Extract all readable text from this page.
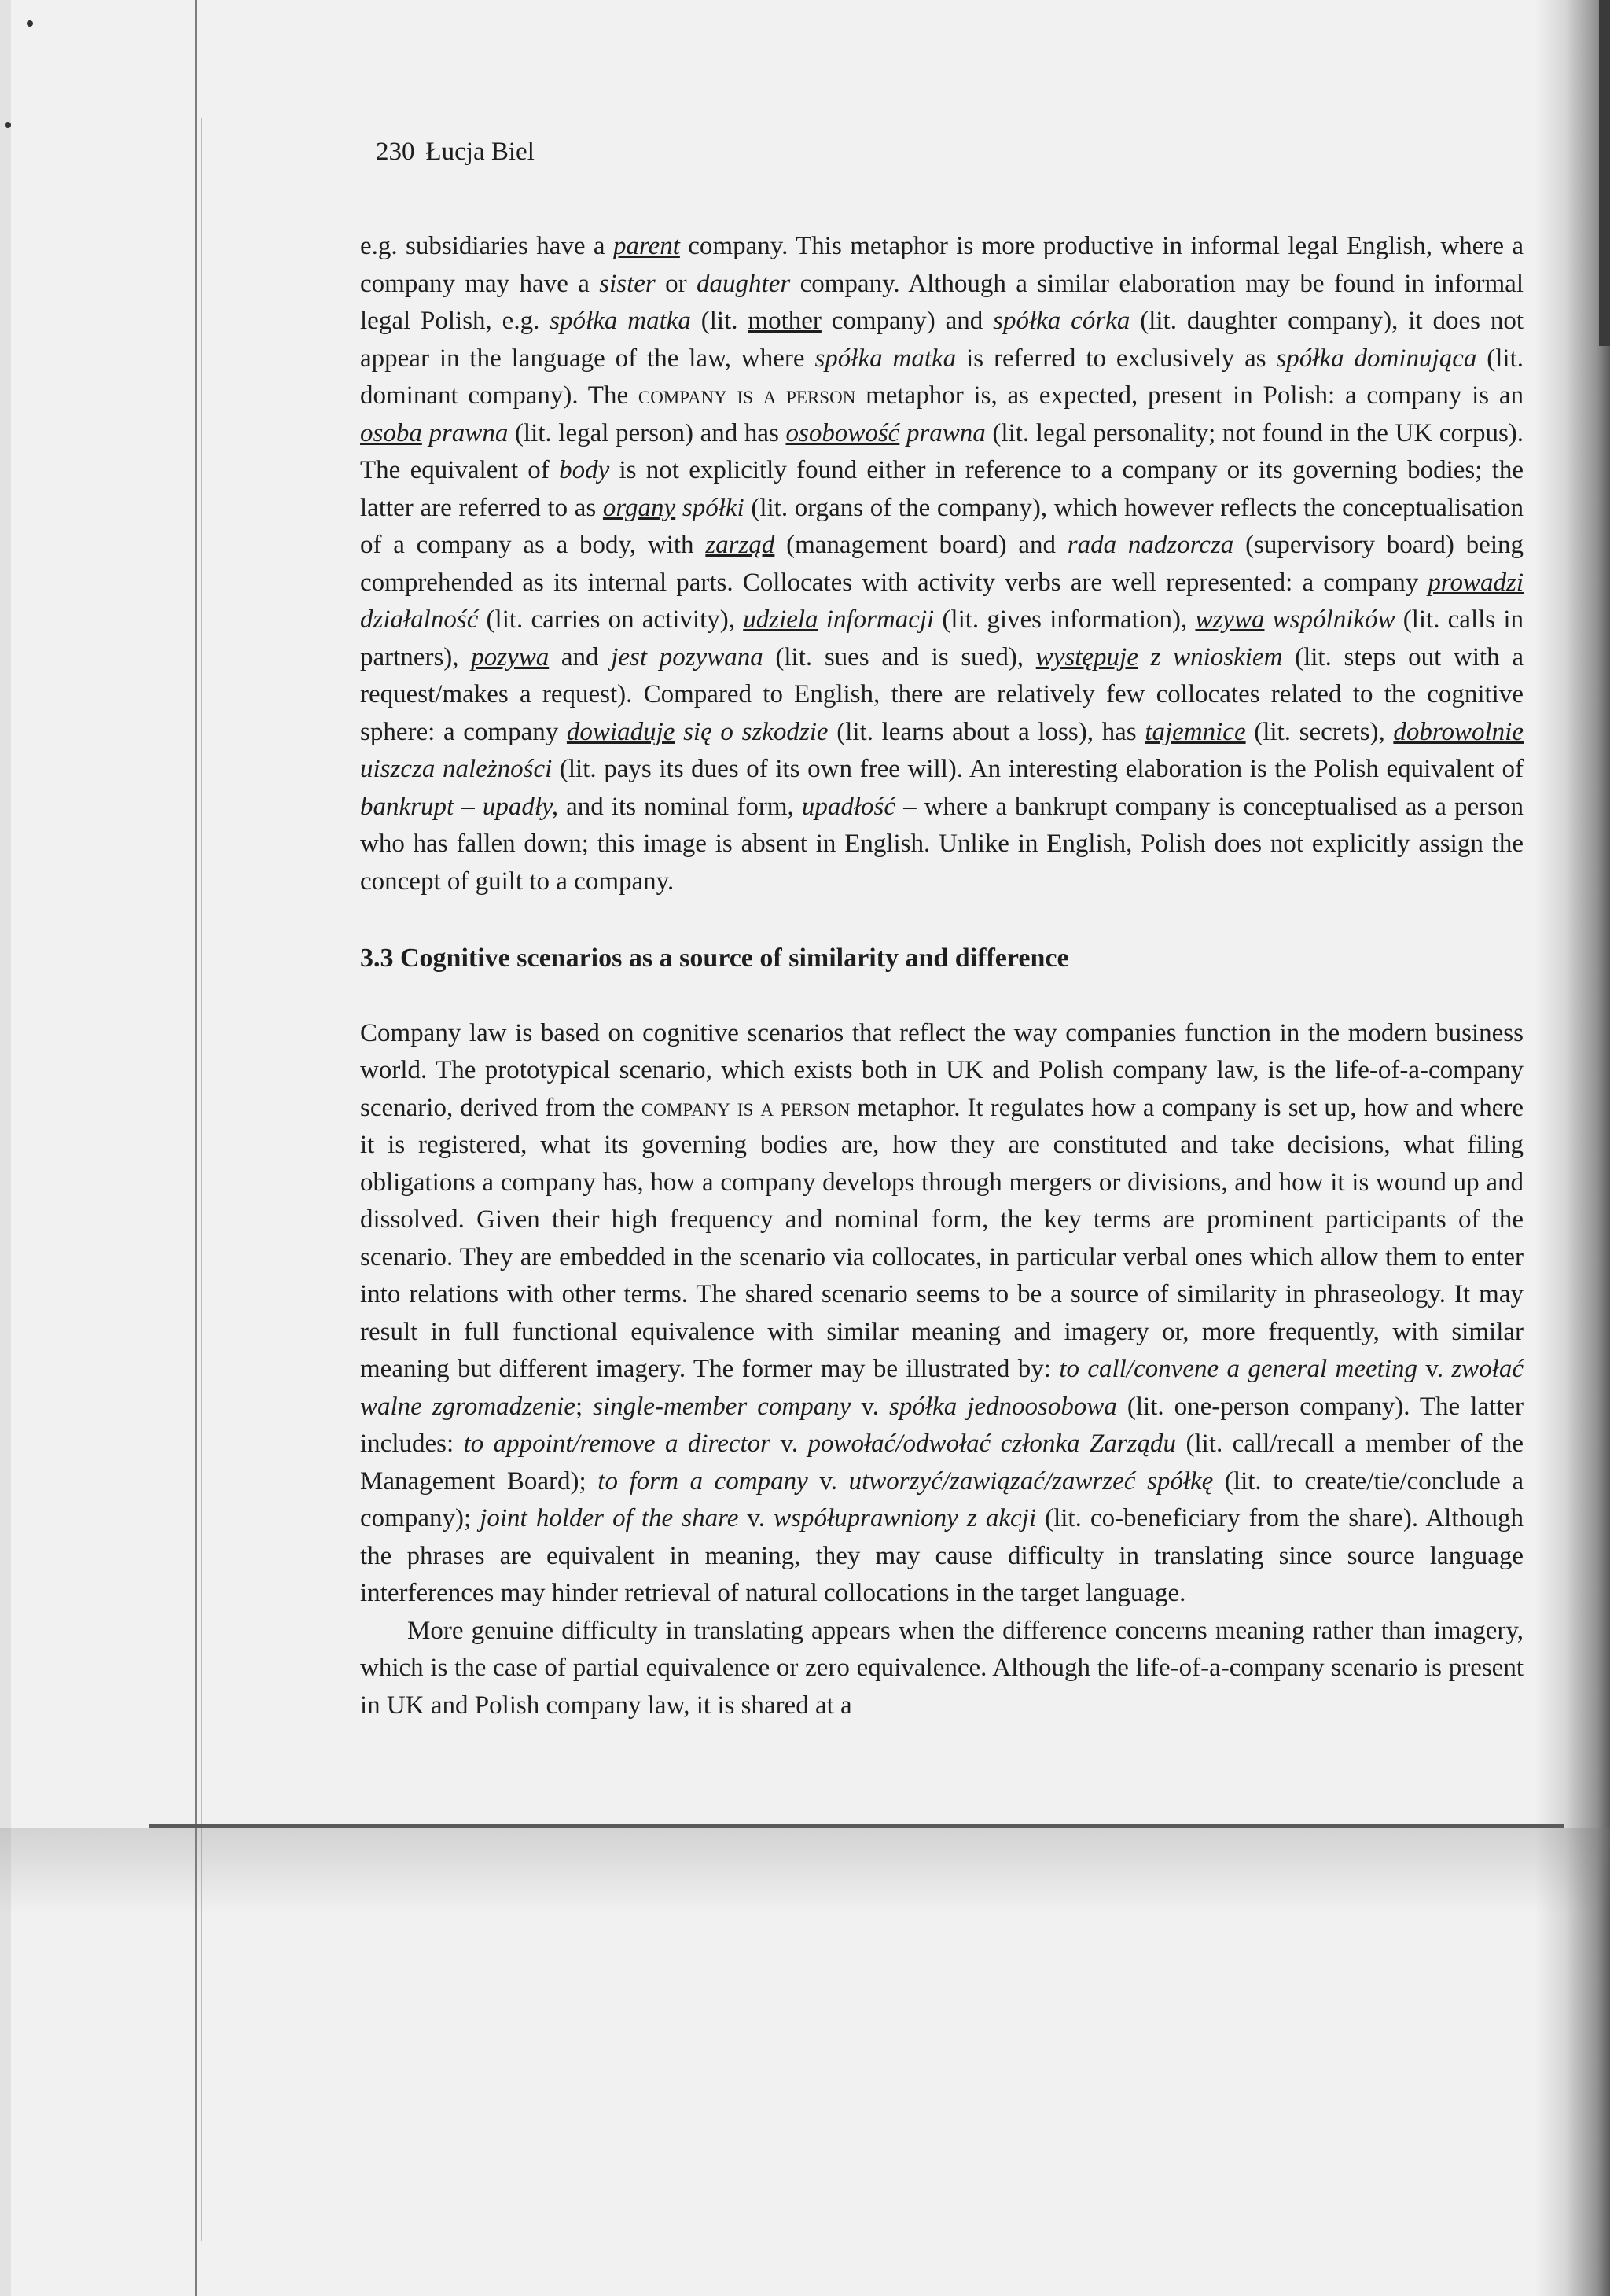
230 Łucja Biel

e.g. subsidiaries have a parent company. This metaphor is more productive in informal legal English, where a company may have a sister or daughter company. Although a similar elaboration may be found in informal legal Polish, e.g. spółka matka (lit. mother company) and spółka córka (lit. daughter company), it does not appear in the language of the law, where spółka matka is referred to exclusively as spółka dominująca (lit. dominant company). The company is a person metaphor is, as expected, present in Polish: a company is an osoba prawna (lit. legal person) and has osobowość prawna (lit. legal personality; not found in the UK corpus). The equivalent of body is not explicitly found either in reference to a company or its governing bodies; the latter are referred to as organy spółki (lit. organs of the company), which however reflects the conceptualisation of a company as a body, with zarząd (management board) and rada nadzorcza (supervisory board) being comprehended as its internal parts. Collocates with activity verbs are well represented: a company prowadzi działalność (lit. carries on activity), udziela informacji (lit. gives information), wzywa wspólników (lit. calls in partners), pozywa and jest pozywana (lit. sues and is sued), występuje z wnioskiem (lit. steps out with a request/makes a request). Compared to English, there are relatively few collocates related to the cognitive sphere: a company dowiaduje się o szkodzie (lit. learns about a loss), has tajemnice (lit. secrets), dobrowolnie uiszcza należności (lit. pays its dues of its own free will). An interesting elaboration is the Polish equivalent of bankrupt – upadły, and its nominal form, upadłość – where a bankrupt company is conceptualised as a person who has fallen down; this image is absent in English. Unlike in English, Polish does not explicitly assign the concept of guilt to a company.

3.3 Cognitive scenarios as a source of similarity and difference

Company law is based on cognitive scenarios that reflect the way companies function in the modern business world. The prototypical scenario, which exists both in UK and Polish company law, is the life-of-a-company scenario, derived from the company is a person metaphor. It regulates how a company is set up, how and where it is registered, what its governing bodies are, how they are constituted and take decisions, what filing obligations a company has, how a company develops through mergers or divisions, and how it is wound up and dissolved. Given their high frequency and nominal form, the key terms are prominent participants of the scenario. They are embedded in the scenario via collocates, in particular verbal ones which allow them to enter into relations with other terms. The shared scenario seems to be a source of similarity in phraseology. It may result in full functional equivalence with similar meaning and imagery or, more frequently, with similar meaning but different imagery. The former may be illustrated by: to call/convene a general meeting v. zwołać walne zgromadzenie; single-member company v. spółka jednoosobowa (lit. one-person company). The latter includes: to appoint/remove a director v. powołać/odwołać członka Zarządu (lit. call/recall a member of the Management Board); to form a company v. utworzyć/zawiązać/zawrzeć spółkę (lit. to create/tie/conclude a company); joint holder of the share v. współuprawniony z akcji (lit. co-beneficiary from the share). Although the phrases are equivalent in meaning, they may cause difficulty in translating since source language interferences may hinder retrieval of natural collocations in the target language.

More genuine difficulty in translating appears when the difference concerns meaning rather than imagery, which is the case of partial equivalence or zero equivalence. Although the life-of-a-company scenario is present in UK and Polish company law, it is shared at a
